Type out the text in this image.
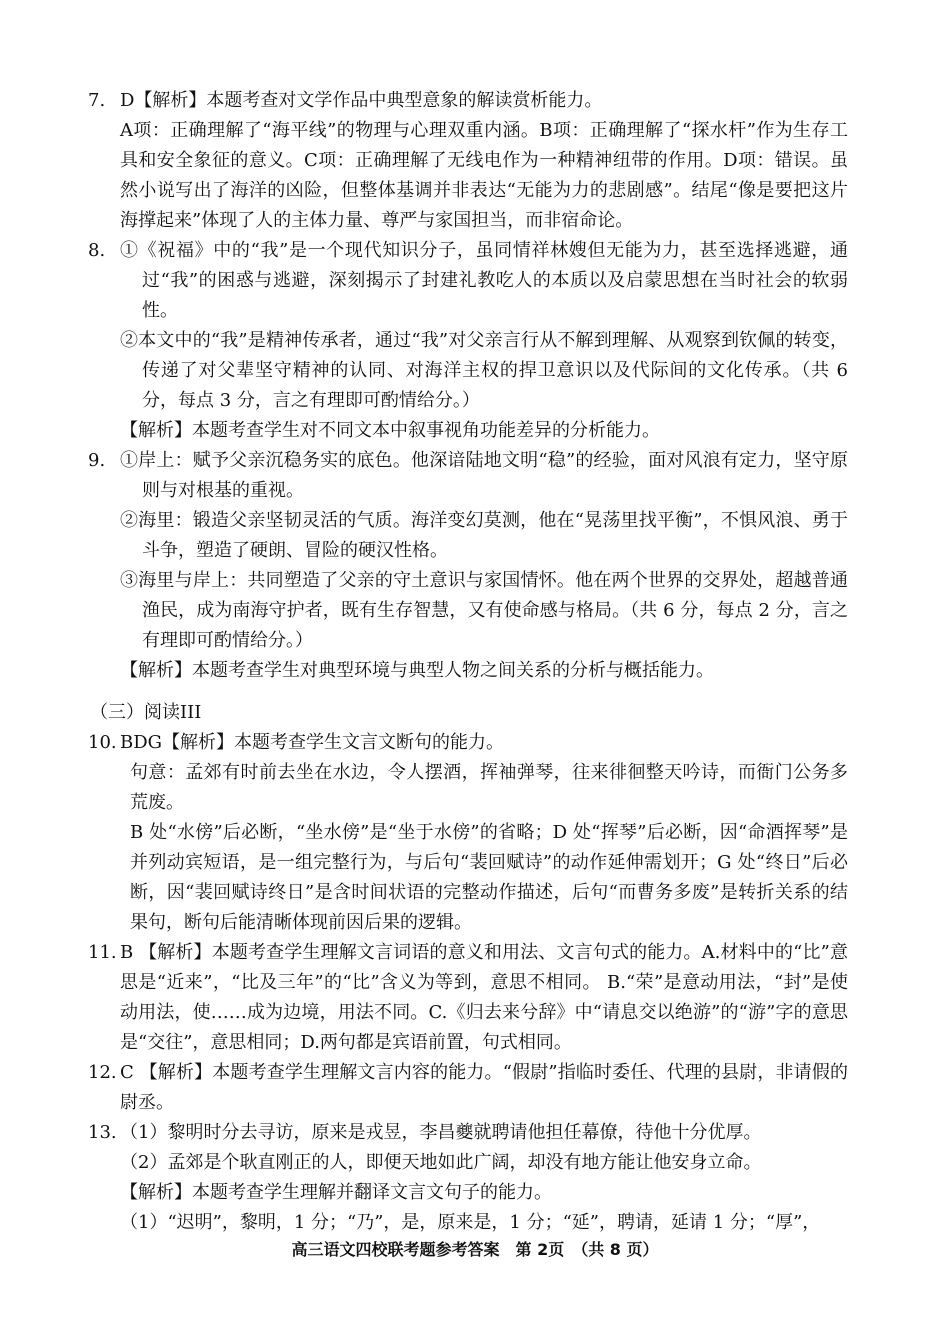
7. D【解析】本题考查对文学作品中典型意象的解读赏析能力。
A项：正确理解了“海平线”的物理与心理双重内涵。B项：正确理解了“探水杆”作为生存工具和安全象征的意义。C项：正确理解了无线电作为一种精神纽带的作用。D项：错误。虽然小说写出了海洋的凶险，但整体基调并非表达“无能为力的悲剧感”。结尾“像是要把这片海撑起来”体现了人的主体力量、尊严与家国担当，而非宿命论。
8. ①《祝福》中的“我”是一个现代知识分子，虽同情祥林嫂但无能为力，甚至选择逃避，通过“我”的困惑与逃避，深刻揭示了封建礼教吃人的本质以及启蒙思想在当时社会的软弱性。
②本文中的“我”是精神传承者，通过“我”对父亲言行从不解到理解、从观察到钦佩的转变，传递了对父辈坚守精神的认同、对海洋主权的捍卫意识以及代际间的文化传承。（共 6 分，每点 3 分，言之有理即可酌情给分。）
【解析】本题考查学生对不同文本中叙事视角功能差异的分析能力。
9. ①岸上：赋予父亲沉稳务实的底色。他深谙陆地文明“稳”的经验，面对风浪有定力，坚守原则与对根基的重视。
②海里：锻造父亲坚韧灵活的气质。海洋变幻莫测，他在“晃荡里找平衡”，不惧风浪、勇于斗争，塑造了硬朗、冒险的硬汉性格。
③海里与岸上：共同塑造了父亲的守土意识与家国情怀。他在两个世界的交界处，超越普通渔民，成为南海守护者，既有生存智慧，又有使命感与格局。（共 6 分，每点 2 分，言之有理即可酌情给分。）
【解析】本题考查学生对典型环境与典型人物之间关系的分析与概括能力。
（三）阅读III
10. BDG【解析】本题考查学生文言文断句的能力。
句意：孟郊有时前去坐在水边，令人摆酒，挥袖弹琴，往来徘徊整天吟诗，而衙门公务多荒废。
B 处“水傍”后必断，“坐水傍”是“坐于水傍”的省略；D 处“挥琴”后必断，因“命酒挥琴”是并列动宾短语，是一组完整行为，与后句“裴回赋诗”的动作延伸需划开；G 处“终日”后必断，因“裴回赋诗终日”是含时间状语的完整动作描述，后句“而曹务多废”是转折关系的结果句，断句后能清晰体现前因后果的逻辑。
11. B 【解析】本题考查学生理解文言词语的意义和用法、文言句式的能力。A.材料中的“比”意思是“近来”，“比及三年”的“比”含义为等到，意思不相同。 B.“荣”是意动用法，“封”是使动用法，使……成为边境，用法不同。C.《归去来兮辞》中“请息交以绝游”的“游”字的意思是“交往”，意思相同；D.两句都是宾语前置，句式相同。
12. C 【解析】本题考查学生理解文言内容的能力。“假尉”指临时委任、代理的县尉，非请假的尉丞。
13. （1）黎明时分去寻访，原来是戎昱，李昌夔就聘请他担任幕僚，待他十分优厚。
（2）孟郊是个耿直刚正的人，即便天地如此广阔，却没有地方能让他安身立命。
【解析】本题考查学生理解并翻译文言文句子的能力。
（1）“迟明”，黎明，1 分；“乃”，是，原来是，1 分；“延”，聘请，延请 1 分；“厚”，
高三语文四校联考题参考答案　第 2页　（共 8 页）
